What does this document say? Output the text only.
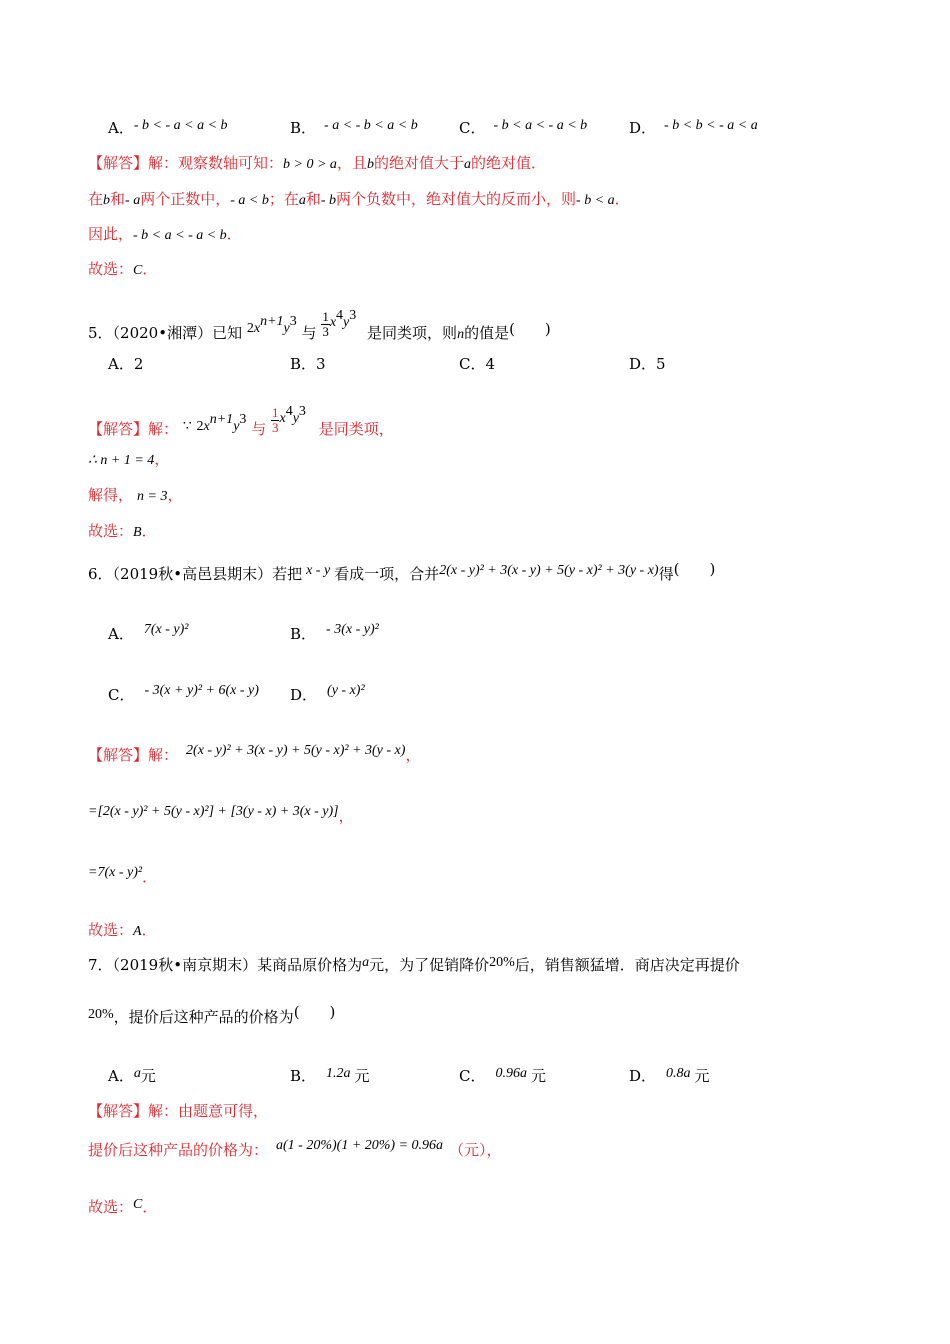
A．- b < - a < a < b	B． - a < - b < a < b	C． - b < a < - a < b	D． - b < b < - a < a
【解答】解：观察数轴可知：b > 0 > a，且b的绝对值大于a的绝对值．
在b和- a两个正数中，- a < b；在a和- b两个负数中，绝对值大的反而小，则- b < a．
因此，- b < a < - a < b．
故选：C．
5．（2020•湘潭）已知 $2x^{n+1}y^3$ 与 $\frac{1}{3} x^4y^3$ 是同类项，则n的值是(　　)
A．2	B．3	C．4	D．5
【解答】解： ∵ $2x^{n+1}y^3$ 与 $\frac{1}{3} x^4y^3$ 是同类项，
∴ n + 1 = 4，
解得， n = 3，
故选：B．
6．（2019秋•高邑县期末）若把 x - y 看成一项，合并2(x - y)² + 3(x - y) + 5(y - x)² + 3(y - x)得(　　)
A． 7(x - y)²	B． - 3(x - y)²
C． - 3(x + y)² + 6(x - y) D． (y - x)²
【解答】解： 2(x - y)² + 3(x - y) + 5(y - x)² + 3(y - x)，
=[2(x - y)² + 5(y - x)²] + [3(y - x) + 3(x - y)]，
=7(x - y)²．
故选：A．
7．（2019秋•南京期末）某商品原价格为a元，为了促销降价20%后，销售额猛增．商店决定再提价
20%，提价后这种产品的价格为(　　)
A．a元	B． 1.2a 元	C． 0.96a 元	D． 0.8a 元
【解答】解：由题意可得，
提价后这种产品的价格为： a(1 - 20%)(1 + 20%) = 0.96a （元），
故选：C．
